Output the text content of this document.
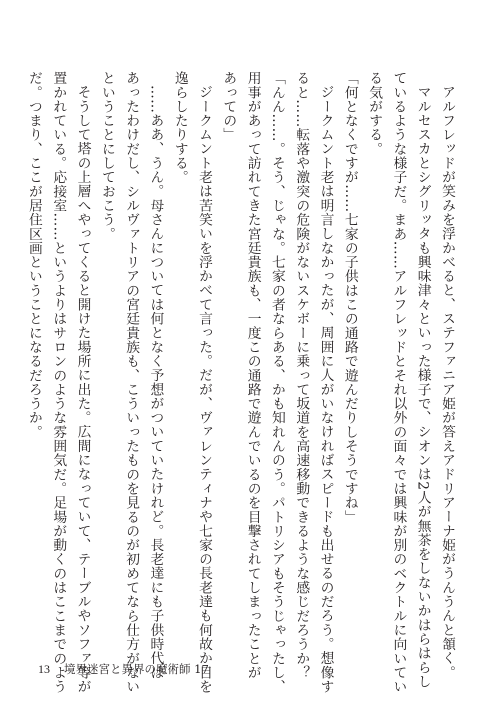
アルフレッドが笑みを浮かべると、ステファニア姫が答えアドリアーナ姫がうんうんと頷く。
マルセスカとシグリッタも興味津々といった様子で、シオンは2人が無茶をしないかはらはらし
ているような様子だ。まあ……アルフレッドとそれ以外の面々では興味が別のベクトルに向いてい
る気がする。
「何となくですが……七家の子供はこの通路で遊んだりしそうですね」
ジークムント老は明言しなかったが、周囲に人がいなければスピードも出せるのだろう。想像す
ると……転落や激突の危険がないスケボーに乗って坂道を高速移動できるような感じだろうか？
「んん……。そう、じゃな。七家の者ならある、かも知れんのう。パトリシアもそうじゃったし、
用事があって訪れてきた宮廷貴族も、一度この通路で遊んでいるのを目撃されてしまったことが
あっての」
ジークムント老は苦笑いを浮かべて言った。だが、ヴァレンティナや七家の長老達も何故か目を
逸らしたりする。
……ああ、うん。母さんについては何となく予想がついていたけれど。長老達にも子供時代は
あったわけだし、シルヴァトリアの宮廷貴族も、こういったものを見るのが初めてなら仕方がない
ということにしておこう。
そうして塔の上層へやってくると開けた場所に出た。広間になっていて、テーブルやソファ等が
置かれている。応接室……というよりはサロンのような雰囲気だ。足場が動くのはここまでのよう
だ。つまり、ここが居住区画ということになるだろうか。
13 境界迷宮と異界の魔術師 17
